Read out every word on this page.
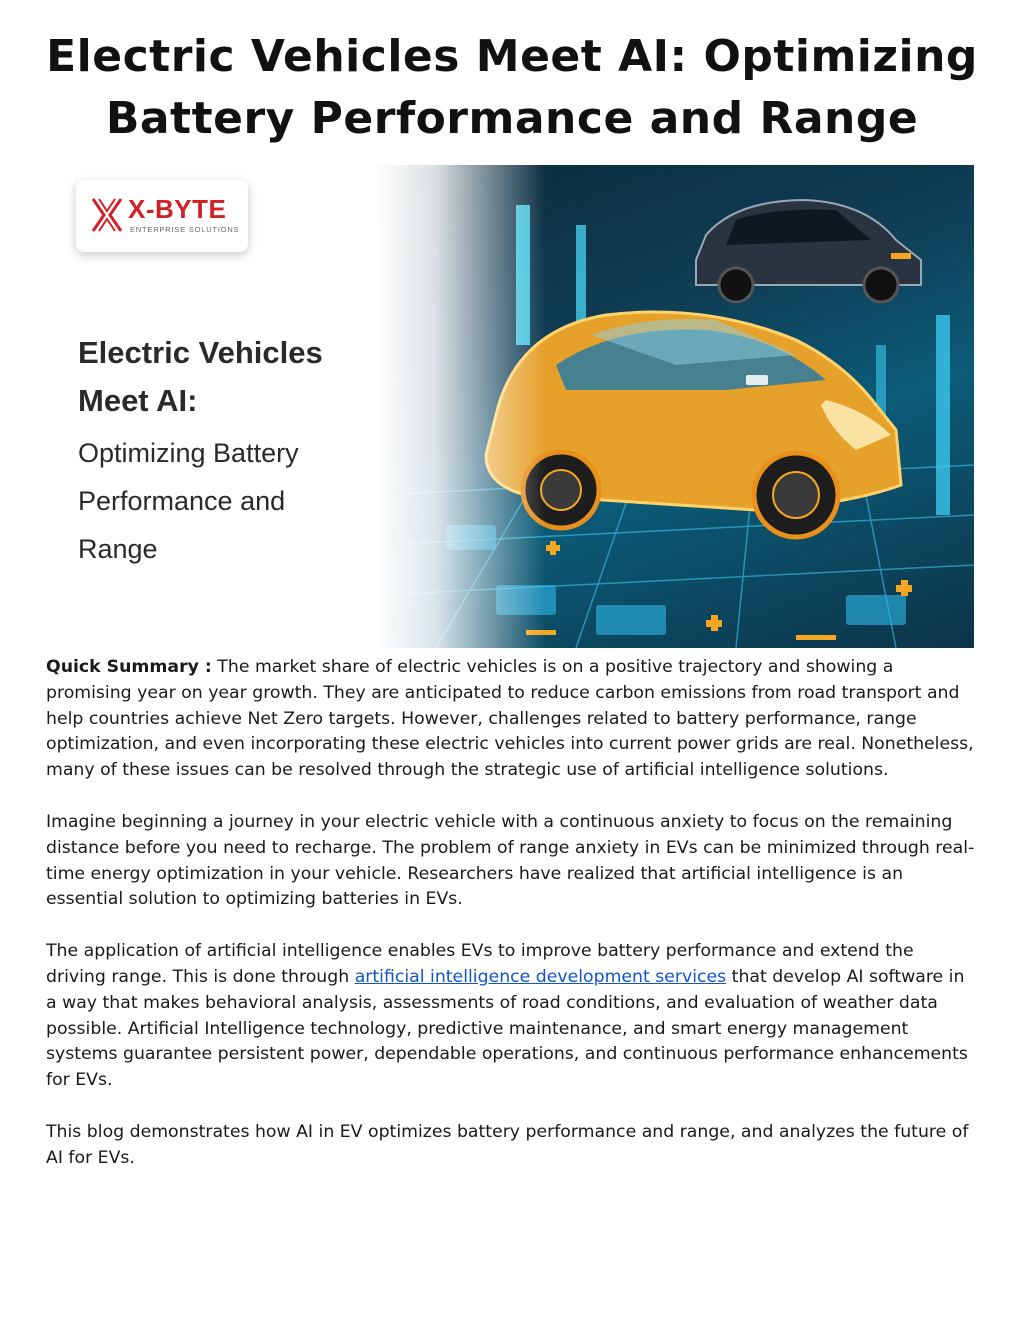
Electric Vehicles Meet AI: Optimizing
Battery Performance and Range
X-BYTE
ENTERPRISE SOLUTIONS
Electric Vehicles
Meet AI:
Optimizing Battery
Performance and
Range

Quick Summary : The market share of electric vehicles is on a positive trajectory and showing a promising year on year growth. They are anticipated to reduce carbon emissions from road transport and help countries achieve Net Zero targets. However, challenges related to battery performance, range optimization, and even incorporating these electric vehicles into current power grids are real. Nonetheless, many of these issues can be resolved through the strategic use of artificial intelligence solutions.

Imagine beginning a journey in your electric vehicle with a continuous anxiety to focus on the remaining distance before you need to recharge. The problem of range anxiety in EVs can be minimized through real-time energy optimization in your vehicle. Researchers have realized that artificial intelligence is an essential solution to optimizing batteries in EVs.

The application of artificial intelligence enables EVs to improve battery performance and extend the driving range. This is done through artificial intelligence development services that develop AI software in a way that makes behavioral analysis, assessments of road conditions, and evaluation of weather data possible. Artificial Intelligence technology, predictive maintenance, and smart energy management systems guarantee persistent power, dependable operations, and continuous performance enhancements for EVs.

This blog demonstrates how AI in EV optimizes battery performance and range, and analyzes the future of AI for EVs.
